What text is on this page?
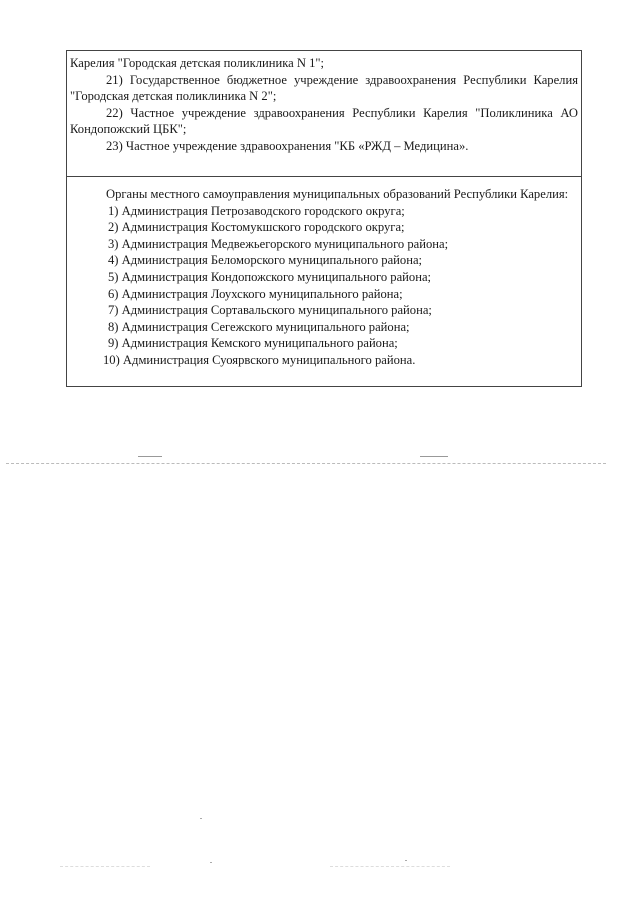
Карелия "Городская детская поликлиника N 1";

21) Государственное бюджетное учреждение здравоохранения Республики Карелия "Городская детская поликлиника N 2";

22) Частное учреждение здравоохранения Республики Карелия "Поликлиника АО Кондопожский ЦБК";

23) Частное учреждение здравоохранения "КБ «РЖД – Медицина».

Органы местного самоуправления муниципальных образований Республики Карелия:

1) Администрация Петрозаводского городского округа;

2) Администрация Костомукшского городского округа;

3) Администрация Медвежьегорского муниципального района;

4) Администрация Беломорского муниципального района;

5) Администрация Кондопожского муниципального района;

6) Администрация Лоухского муниципального района;

7) Администрация Сортавальского муниципального района;

8) Администрация Сегежского муниципального района;

9) Администрация Кемского муниципального района;

10) Администрация Суоярвского муниципального района.
